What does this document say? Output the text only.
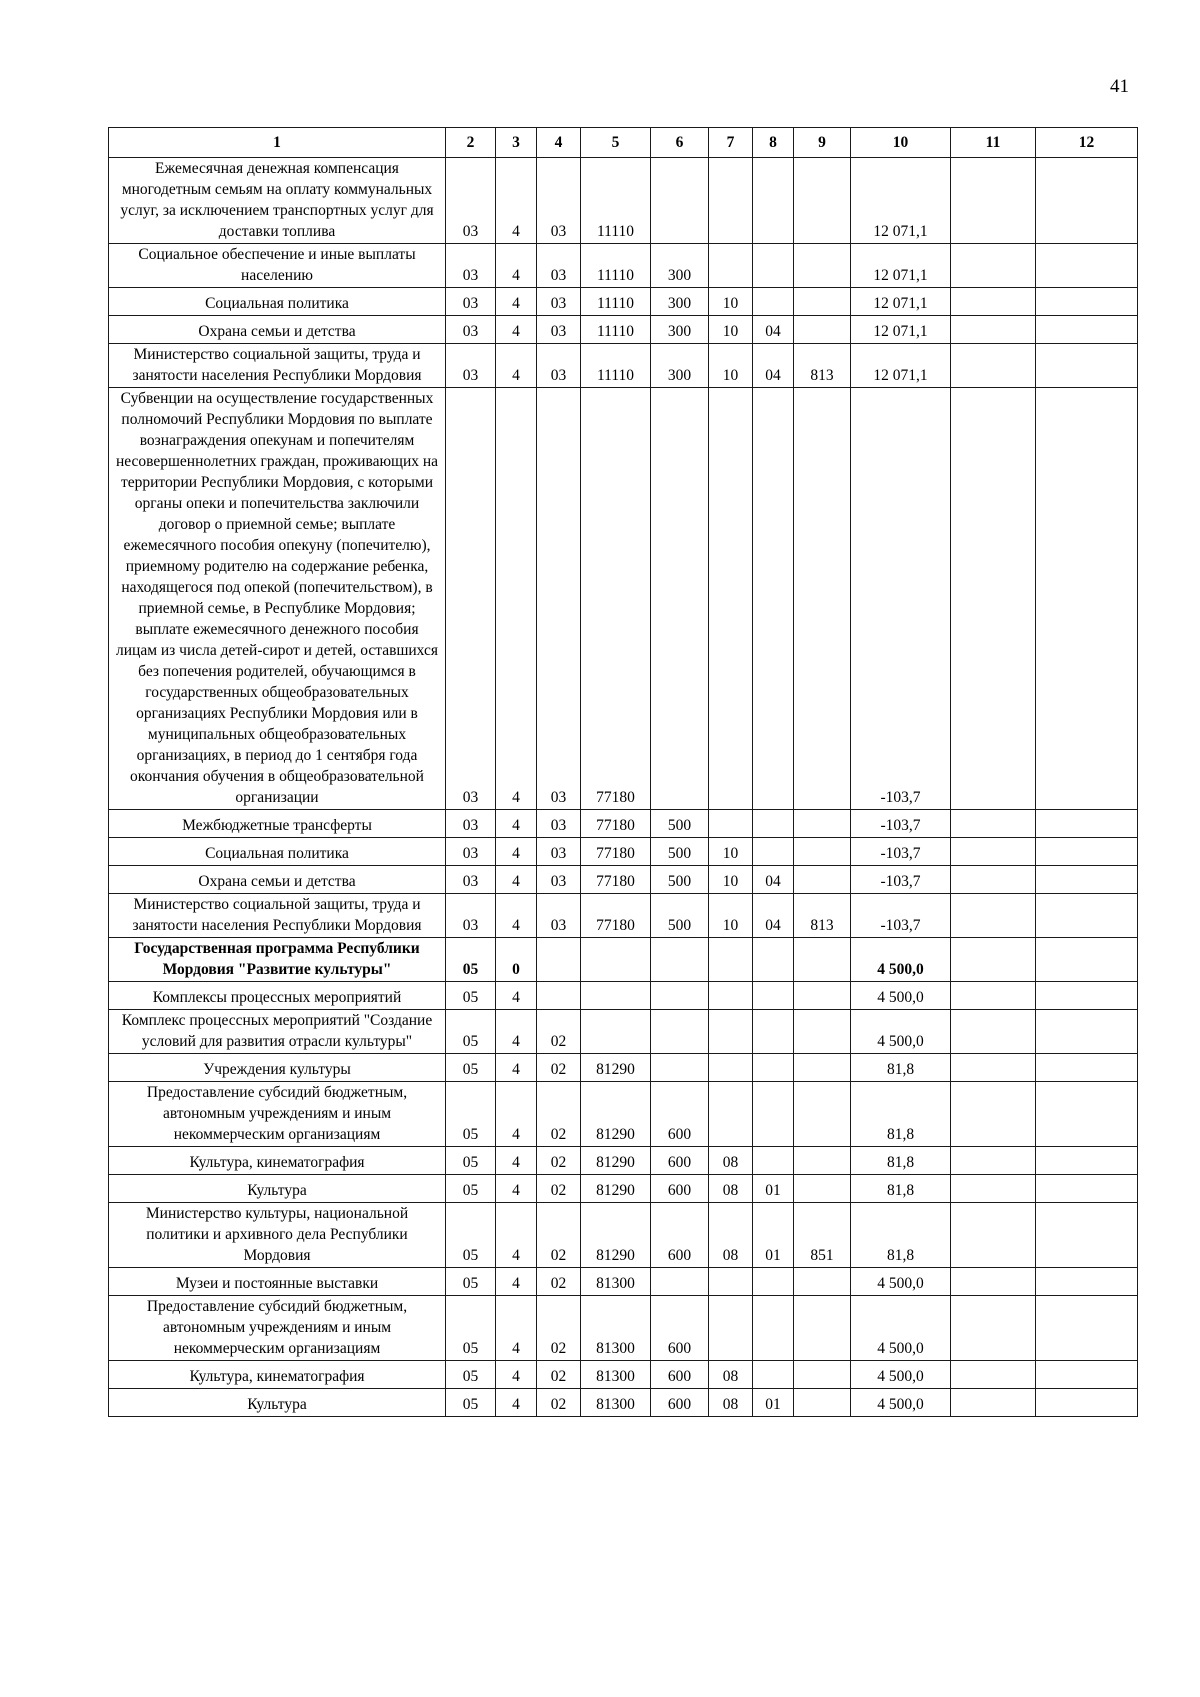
41
1	2	3	4	5	6	7	8	9	10	11	12
Ежемесячная денежная компенсация многодетным семьям на оплату коммунальных услуг, за исключением транспортных услуг для доставки топлива	03	4	03	11110					12 071,1		
Социальное обеспечение и иные выплаты населению	03	4	03	11110	300				12 071,1		
Социальная политика	03	4	03	11110	300	10			12 071,1		
Охрана семьи и детства	03	4	03	11110	300	10	04		12 071,1		
Министерство социальной защиты, труда и занятости населения Республики Мордовия	03	4	03	11110	300	10	04	813	12 071,1		
Субвенции на осуществление государственных полномочий Республики Мордовия по выплате вознаграждения опекунам и попечителям несовершеннолетних граждан, проживающих на территории Республики Мордовия, с которыми органы опеки и попечительства заключили договор о приемной семье; выплате ежемесячного пособия опекуну (попечителю), приемному родителю на содержание ребенка, находящегося под опекой (попечительством), в приемной семье, в Республике Мордовия; выплате ежемесячного денежного пособия лицам из числа детей-сирот и детей, оставшихся без попечения родителей, обучающимся в государственных общеобразовательных организациях Республики Мордовия или в муниципальных общеобразовательных организациях, в период до 1 сентября года окончания обучения в общеобразовательной организации	03	4	03	77180					-103,7		
Межбюджетные трансферты	03	4	03	77180	500				-103,7		
Социальная политика	03	4	03	77180	500	10			-103,7		
Охрана семьи и детства	03	4	03	77180	500	10	04		-103,7		
Министерство социальной защиты, труда и занятости населения Республики Мордовия	03	4	03	77180	500	10	04	813	-103,7		
Государственная программа Республики Мордовия "Развитие культуры"	05	0							4 500,0		
Комплексы процессных мероприятий	05	4							4 500,0		
Комплекс процессных мероприятий "Создание условий для развития отрасли культуры"	05	4	02						4 500,0		
Учреждения культуры	05	4	02	81290					81,8		
Предоставление субсидий бюджетным, автономным учреждениям и иным некоммерческим организациям	05	4	02	81290	600				81,8		
Культура, кинематография	05	4	02	81290	600	08			81,8		
Культура	05	4	02	81290	600	08	01		81,8		
Министерство культуры, национальной политики и архивного дела Республики Мордовия	05	4	02	81290	600	08	01	851	81,8		
Музеи и постоянные выставки	05	4	02	81300					4 500,0		
Предоставление субсидий бюджетным, автономным учреждениям и иным некоммерческим организациям	05	4	02	81300	600				4 500,0		
Культура, кинематография	05	4	02	81300	600	08			4 500,0		
Культура	05	4	02	81300	600	08	01		4 500,0		
